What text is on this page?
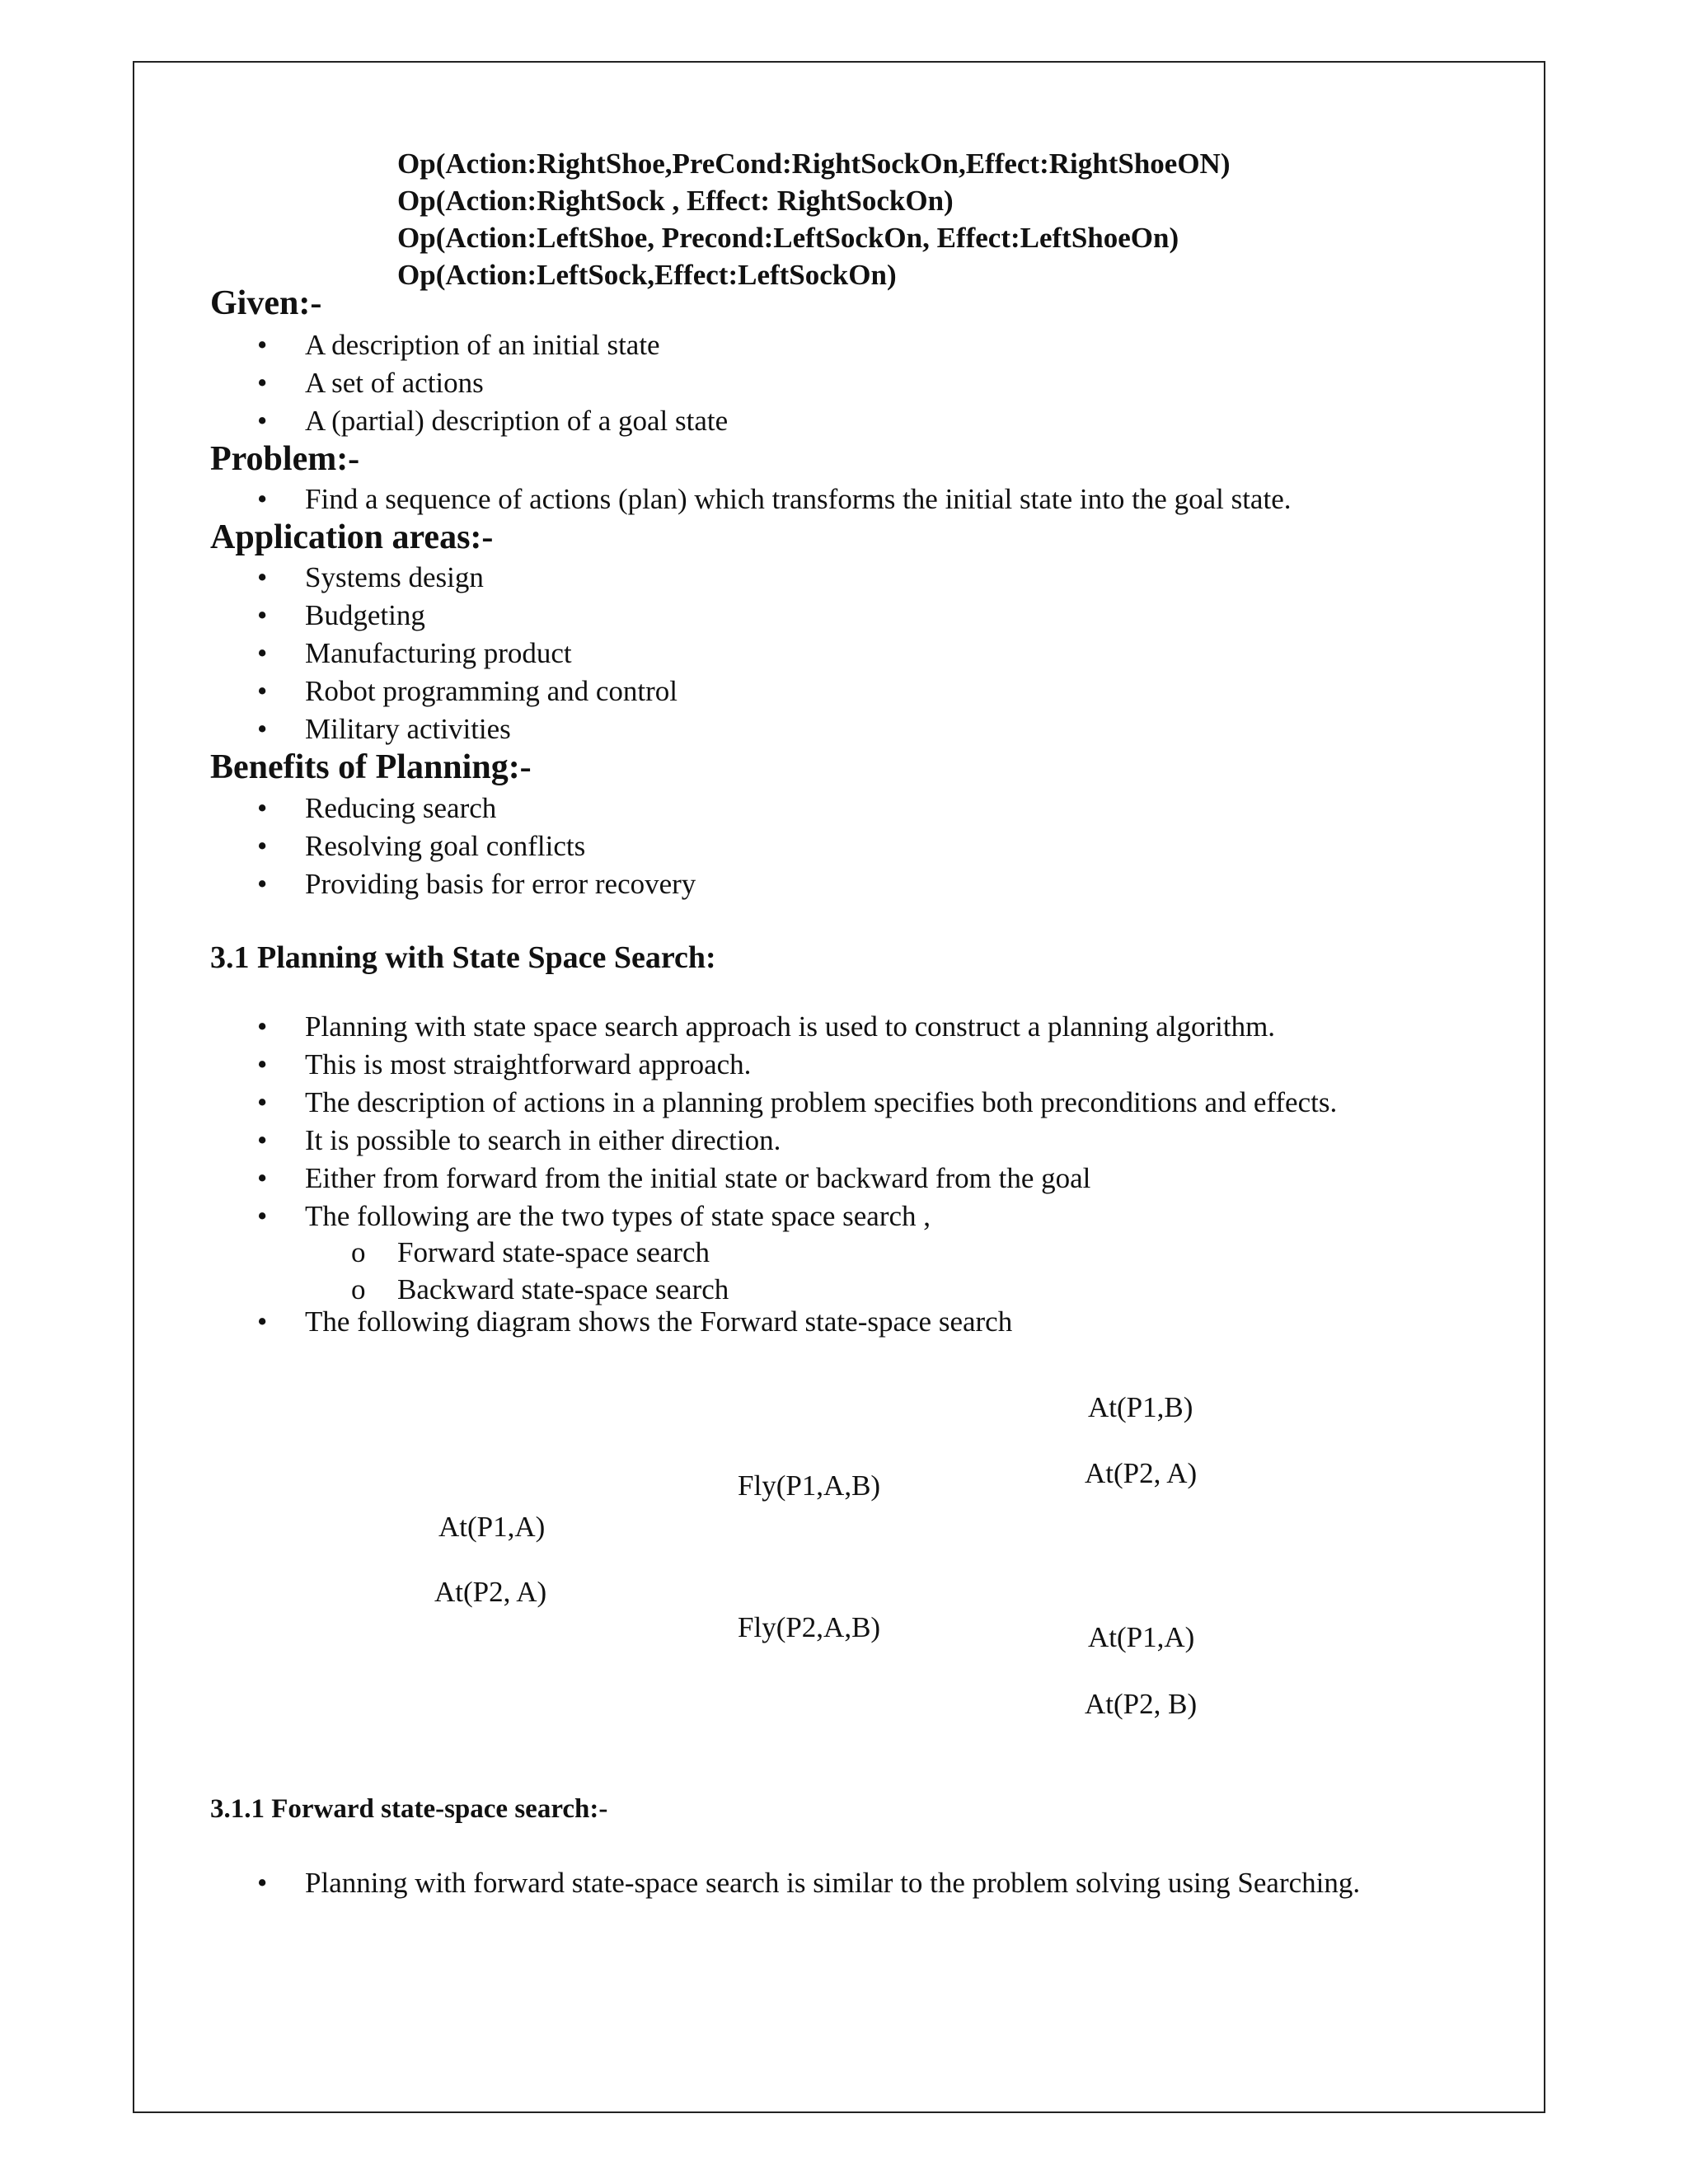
Op(Action:RightShoe,PreCond:RightSockOn,Effect:RightShoeON)
Op(Action:RightSock , Effect: RightSockOn)
Op(Action:LeftShoe, Precond:LeftSockOn, Effect:LeftShoeOn)
Op(Action:LeftSock,Effect:LeftSockOn)
Given:-
• A description of an initial state
• A set of actions
• A (partial) description of a goal state
Problem:-
• Find a sequence of actions (plan) which transforms the initial state into the goal state.
Application areas:-
• Systems design
• Budgeting
• Manufacturing product
• Robot programming and control
• Military activities
Benefits of Planning:-
• Reducing search
• Resolving goal conflicts
• Providing basis for error recovery
3.1 Planning with State Space Search:
• Planning with state space search approach is used to construct a planning algorithm.
• This is most straightforward approach.
• The description of actions in a planning problem specifies both preconditions and effects.
• It is possible to search in either direction.
• Either from forward from the initial state or backward from the goal
• The following are the two types of state space search ,
o Forward state-space search
o Backward state-space search
• The following diagram shows the Forward state-space search
At(P1,A)
At(P2, A)
Fly(P1,A,B)
Fly(P2,A,B)
At(P1,B)
At(P2, A)
At(P1,A)
At(P2, B)
3.1.1 Forward state-space search:-
• Planning with forward state-space search is similar to the problem solving using Searching.
